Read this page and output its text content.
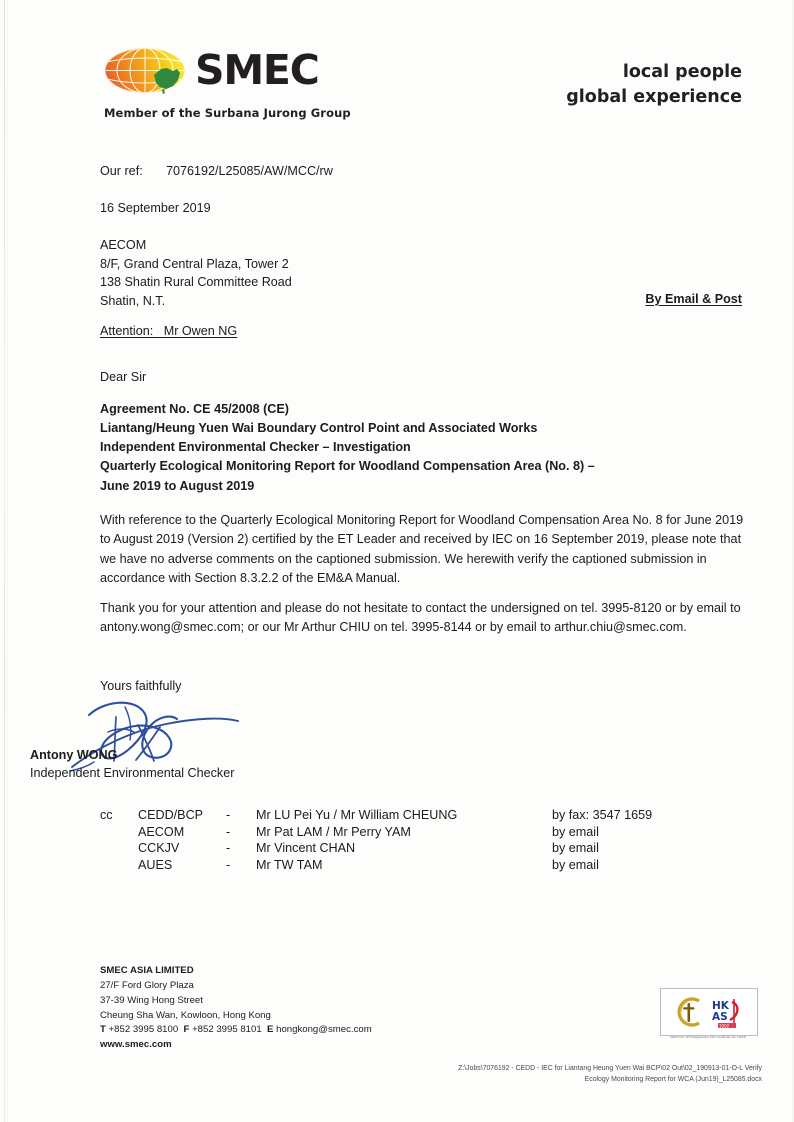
SMEC
Member of the Surbana Jurong Group
local people
global experience
Our ref:	7076192/L25085/AW/MCC/rw
16 September 2019
AECOM
8/F, Grand Central Plaza, Tower 2
138 Shatin Rural Committee Road
Shatin, N.T.	By Email & Post
Attention:   Mr Owen NG
Dear Sir
Agreement No. CE 45/2008 (CE)
Liantang/Heung Yuen Wai Boundary Control Point and Associated Works
Independent Environmental Checker – Investigation
Quarterly Ecological Monitoring Report for Woodland Compensation Area (No. 8) –
June 2019 to August 2019
With reference to the Quarterly Ecological Monitoring Report for Woodland Compensation Area No. 8 for June 2019 to August 2019 (Version 2) certified by the ET Leader and received by IEC on 16 September 2019, please note that we have no adverse comments on the captioned submission. We herewith verify the captioned submission in accordance with Section 8.3.2.2 of the EM&A Manual.
Thank you for your attention and please do not hesitate to contact the undersigned on tel. 3995-8120 or by email to antony.wong@smec.com; or our Mr Arthur CHIU on tel. 3995-8144 or by email to arthur.chiu@smec.com.
Yours faithfully
Antony WONG
Independent Environmental Checker
cc	CEDD/BCP	-	Mr LU Pei Yu / Mr William CHEUNG	by fax: 3547 1659
	AECOM	-	Mr Pat LAM / Mr Perry YAM	by email
	CCKJV	-	Mr Vincent CHAN	by email
	AUES	-	Mr TW TAM	by email
SMEC ASIA LIMITED
27/F Ford Glory Plaza
37-39 Wing Hong Street
Cheung Sha Wan, Kowloon, Hong Kong
T +852 3995 8100 F +852 3995 8101 E hongkong@smec.com
www.smec.com
HK
AS
1002
CERT NO. 0/73 Registration Firm Certificate No. HKAS
Z:\Jobs\7076192 - CEDD - IEC for Liantang Heung Yuen Wai BCP\02 Out\02_190913-01-O-L Verify
Ecology Monitoring Report for WCA (Jun19)_L25085.docx
